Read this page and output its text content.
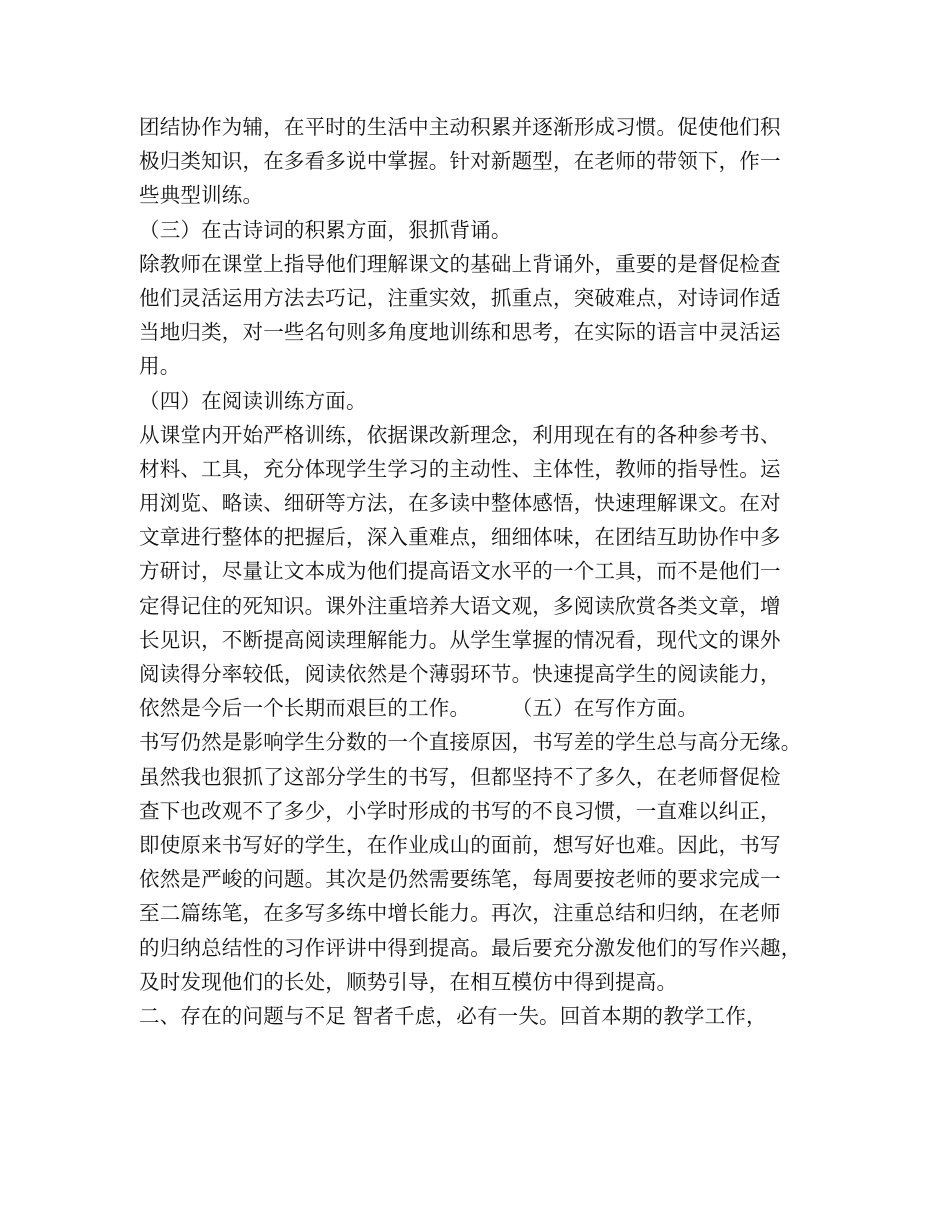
团结协作为辅，在平时的生活中主动积累并逐渐形成习惯。促使他们积
极归类知识，在多看多说中掌握。针对新题型，在老师的带领下，作一
些典型训练。
（三）在古诗词的积累方面，狠抓背诵。
除教师在课堂上指导他们理解课文的基础上背诵外，重要的是督促检查
他们灵活运用方法去巧记，注重实效，抓重点，突破难点，对诗词作适
当地归类，对一些名句则多角度地训练和思考，在实际的语言中灵活运
用。
（四）在阅读训练方面。
从课堂内开始严格训练，依据课改新理念，利用现在有的各种参考书、
材料、工具，充分体现学生学习的主动性、主体性，教师的指导性。运
用浏览、略读、细研等方法，在多读中整体感悟，快速理解课文。在对
文章进行整体的把握后，深入重难点，细细体味，在团结互助协作中多
方研讨，尽量让文本成为他们提高语文水平的一个工具，而不是他们一
定得记住的死知识。课外注重培养大语文观，多阅读欣赏各类文章，增
长见识，不断提高阅读理解能力。从学生掌握的情况看，现代文的课外
阅读得分率较低，阅读依然是个薄弱环节。快速提高学生的阅读能力，
依然是今后一个长期而艰巨的工作。　　　（五）在写作方面。
书写仍然是影响学生分数的一个直接原因，书写差的学生总与高分无缘。
虽然我也狠抓了这部分学生的书写，但都坚持不了多久，在老师督促检
查下也改观不了多少，小学时形成的书写的不良习惯，一直难以纠正，
即使原来书写好的学生，在作业成山的面前，想写好也难。因此，书写
依然是严峻的问题。其次是仍然需要练笔，每周要按老师的要求完成一
至二篇练笔，在多写多练中增长能力。再次，注重总结和归纳，在老师
的归纳总结性的习作评讲中得到提高。最后要充分激发他们的写作兴趣，
及时发现他们的长处，顺势引导，在相互模仿中得到提高。
二、存在的问题与不足 智者千虑，必有一失。回首本期的教学工作，
